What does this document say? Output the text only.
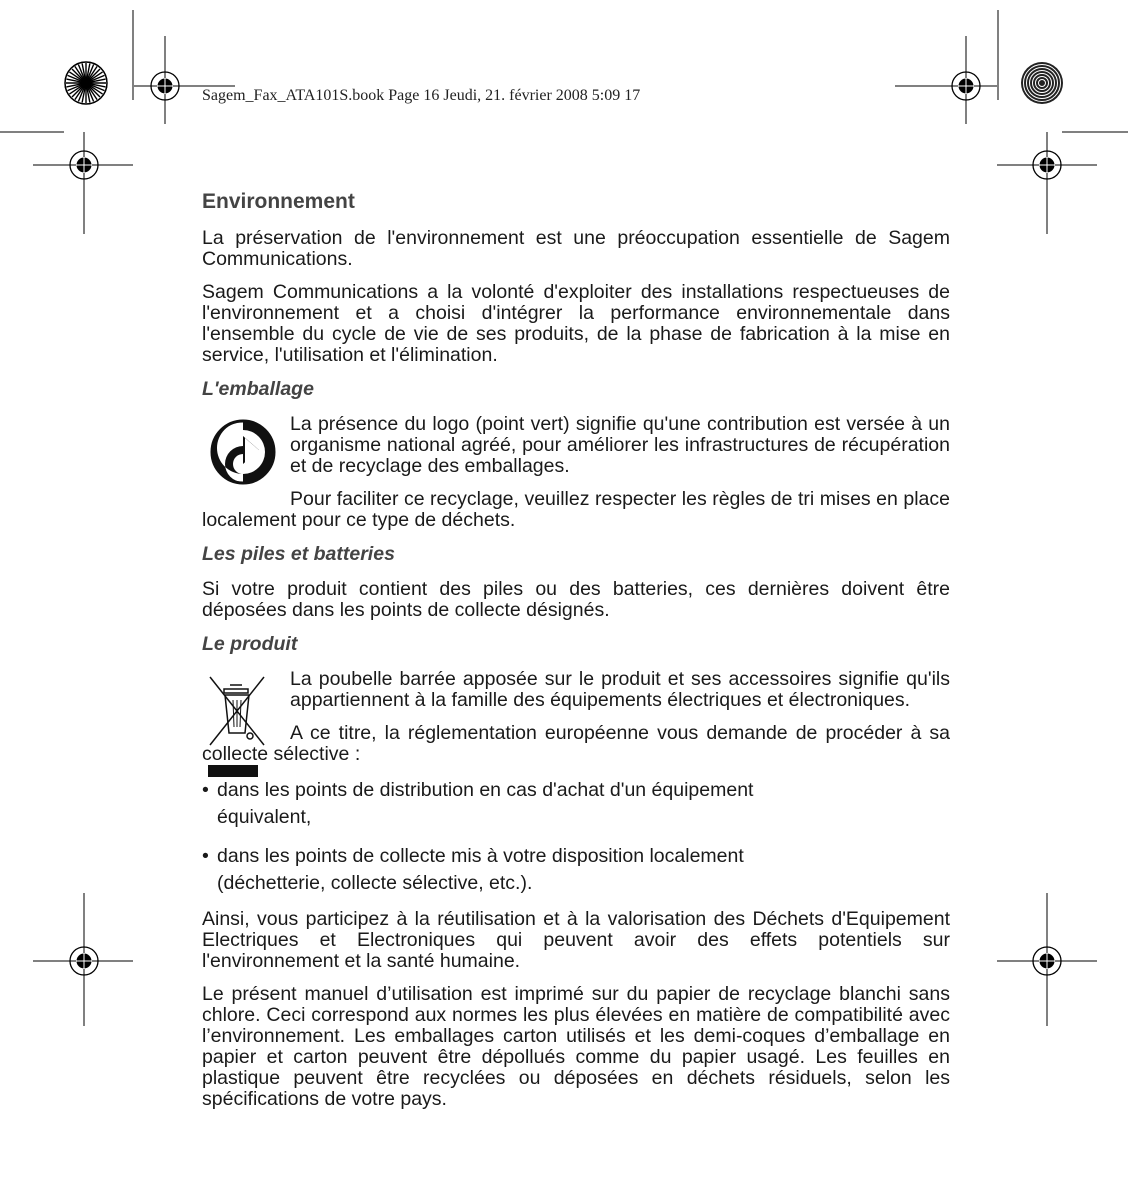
Sagem_Fax_ATA101S.book Page 16 Jeudi, 21. février 2008 5:09 17
Environnement

La préservation de l'environnement est une préoccupation essentielle de Sagem Communications.

Sagem Communications a la volonté d'exploiter des installations respectueuses de l'environnement et a choisi d'intégrer la performance environnementale dans l'ensemble du cycle de vie de ses produits, de la phase de fabrication à la mise en service, l'utilisation et l'élimination.

L'emballage

La présence du logo (point vert) signifie qu'une contribution est versée à un organisme national agréé, pour améliorer les infrastructures de récupération et de recyclage des emballages.

Pour faciliter ce recyclage, veuillez respecter les règles de tri mises en place localement pour ce type de déchets.

Les piles et batteries

Si votre produit contient des piles ou des batteries, ces dernières doivent être déposées dans les points de collecte désignés.

Le produit

La poubelle barrée apposée sur le produit et ses accessoires signifie qu'ils appartiennent à la famille des équipements électriques et électroniques.

A ce titre, la réglementation européenne vous demande de procéder à sa collecte sélective :

• dans les points de distribution en cas d'achat d'un équipement équivalent,
• dans les points de collecte mis à votre disposition localement (déchetterie, collecte sélective, etc.).

Ainsi, vous participez à la réutilisation et à la valorisation des Déchets d'Equipement Electriques et Electroniques qui peuvent avoir des effets potentiels sur l'environnement et la santé humaine.

Le présent manuel d’utilisation est imprimé sur du papier de recyclage blanchi sans chlore. Ceci correspond aux normes les plus élevées en matière de compatibilité avec l’environnement. Les emballages carton utilisés et les demi-coques d’emballage en papier et carton peuvent être dépollués comme du papier usagé. Les feuilles en plastique peuvent être recyclées ou déposées en déchets résiduels, selon les spécifications de votre pays.
